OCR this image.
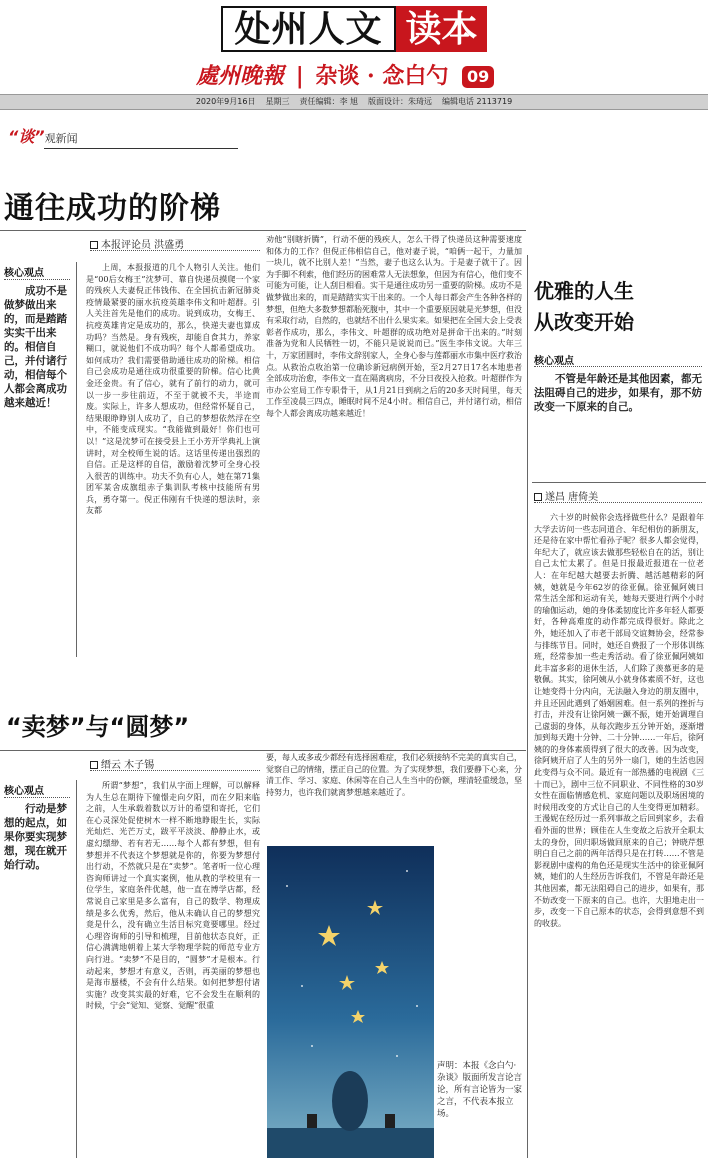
处州人文 读本
處州晚報 | 杂谈 · 念白勺 09
2020年9月16日 星期三 责任编辑：李 旭 版面设计：朱琦远 编辑电话 2113719
“谈”观新闻
通往成功的阶梯
本报评论员 洪盛勇
核心观点
成功不是做梦做出来的，而是踏踏实实干出来的。相信自己，并付诸行动，相信每个人都会离成功越来越近！
上周，本报报道的几个人物引人关注。他们是“00后女梅王”沈梦可、靠自快递员摸爬一个家的残疾人夫妻倪正伟钱伟、在全国抗击新冠肺炎疫情最紧要的丽水抗疫英雄李伟文和叶超群。引人关注首先是他们的成功。说到成功，女梅王、抗疫英雄肯定是成功的，那么，快递夫妻也算成功吗？当然是。身有残疾，却能自食其力，养家糊口，就说他们不成功吗？每个人都希望成功。如何成功？我们需要借助通往成功的阶梯。相信自己会成功是通往成功很重要的阶梯。信心比黄金还金贵。有了信心，就有了前行的动力，就可以一步一步往前迈，不至于就被不夫，半途而废。实际上，许多人想成功，但经常怀疑自己，结果眼睁睁别人成功了，自己的梦想依然浮在空中，不能变成现实。“我能做到最好！你们也可以！”这是沈梦可在接受县上王小芳开学典礼上演讲时，对全校师生说的话。这话里传递出强烈的自信。正是这样的自信，激励着沈梦可全身心投入很苦的训练中。功夫不负有心人，她在第71集团军某舍成旗组赤子集训队考核中技能所有男兵，勇夺第一。倪正伟刚有千快递的想法时，亲友都
劝他“别瞎折腾”，行动不便的残疾人，怎么干得了快递员这种需要速度和体力的工作？但倪正伟相信自己，他对妻子说，“咱俩一起干，力量加一块儿，就不比别人差！”当然，妻子也这么认为。于是妻子就干了。因为手脚不利索，他们经历的困难常人无法想象，但因为有信心，他们变不可能为可能，让人刮目相看。实干是通往成功另一重要的阶梯。成功不是做梦做出来的，而是踏踏实实干出来的。一个人每日都会产生各种各样的梦想，但绝大多数梦想都胎死腹中，其中一个重要原因就是光梦想，但没有采取行动，自然的，也就结不出什么果实来。如果把在全国大会上受表彰者作成功，那么，李伟文、叶超群的成功绝对是拼命干出来的。”时刻准备为党和人民牺牲一切，不能只是说说而已。”医生李伟文说。大年三十，万家团圆时，李伟文辞别家人，全身心参与莲都丽水市集中医疗救治点。从救治点收治第一位确诊新冠病例开始，至2月27日17名本地患者全部成功治愈，李伟文一直在隔离病房，不分日夜投入抢救。叶超群作为市办公室局工作专职骨干，从1月21日到病之后的20多天时间里，每天工作至凌晨三四点，睡眠时间不足4小时。相信自己，并付诸行动，相信每个人都会离成功越来越近！
“卖梦”与“圆梦”
缙云 木子锡
核心观点
行动是梦想的起点，如果你要实现梦想，现在就开始行动。
所谓“梦想”，我们从字面上理解，可以解释为人生总在期待下憧憬走向夕阳，而在夕阳来临之前，人生承载着数以万计的希望和寄托，它们在心灵深处促使树木一样不断地睁眼生长，实际光灿烂、光芒万丈，跋平平淡淡、静静止水，或虚幻缥缈、若有若无……每个人都有梦想，但有梦想并不代表这个梦想就是你的，你要为梦想付出行动，不然就只是在“卖梦”。笔者听一位心理咨询师讲过一个真实案例，他从教的学校里有一位学生，家庭条件优越，他一直在博学店都，经常说自己家里是多么富有，自己的数学、物理成绩是多么优秀，然后，他从未确认自己的梦想究竟是什么，没有确立生活目标究竟要哪里。经过心理咨询师的引导和梳理，目前他状态良好，正信心满满地朝着上某大学物理学院的师范专业方向行进。“卖梦”不是目的，“圆梦”才是根本。行动起来，梦想才有意义，否则，再美丽的梦想也是海市蜃楼，不会有什么结果。如何把梦想付诸实施？改变其实最的好难，它不会发生在顺利的时候，宁会“觉知、觉察、觉醒”很重
要，每人或多或少都经有选择困难症，我们必须接纳不完美的真实自己，觉察自己的情绪，摆正自己的位置。为了实现梦想，我们要静下心来，分清工作、学习、家庭、休闲等在自己人生当中的份额，理清轻重缓急，坚持努力，也许我们就离梦想越来越近了。
声明：本报《念白勺·杂谈》版面所发言论言论，所有言论皆为一家之言，不代表本报立场。
优雅的人生
从改变开始
核心观点
不管是年龄还是其他因素，都无法阻碍自己的进步，如果有，那不妨改变一下原来的自己。
遂昌 唐倚美
六十岁的时候你会选择做些什么？是跟着年大学去访问一些志同道合、年纪相仿的新朋友，还是待在家中帮忙看孙子呢？很多人都会觉得，年纪大了，就应该去做那些轻松自在的活，别让自己太忙太累了。但是日报最近报道在一位老人：在年纪越大越要去折腾、越活越精彩的阿姨，她就是今年62岁的徐亚佩。徐亚佩阿姨日常生活全部和运动有关，她每天要进行两个小时的瑜伽运动，她的身体柔韧度比许多年轻人都要好，各种高难度的动作都完成得很好。除此之外，她还加入了市老干部局交谊舞协会，经常参与排练节目。同时，她还自费报了一个形体训练班，经常参加一些走秀活动。看了徐亚佩阿姨如此丰富多彩的退休生活，人们除了羡慕更多的是敬佩。其实，徐阿姨从小就身体素质不好，这也让她变得十分内向，无法融入身边的朋友圈中，并且还因此遇到了婚姻困难。但一系列的挫折与打击，并没有让徐阿姨一蹶不振，她开始调理自己虚弱的身体，从每次跑步五分钟开始，逐渐增加到每天跑十分钟、二十分钟……一年后，徐阿姨的的身体素质得到了很大的改善。因为改变，徐阿姨开启了人生的另外一扇门，她的生活也因此变得与众不同。最近有一部热播的电视剧《三十而已》，剧中三位不同职业、不同性格的30岁女性在面临情感危机、家庭问题以及职场困境的时候用改变的方式让自己的人生变得更加精彩。王漫妮在经历过一系列事故之后回到家乡，去看看外面的世界；顾佳在人生变故之后放开全职太太的身份，回归职场做回原来的自己；钟晓芹想明白自己之前的两年活得只是在打转……不管是影视剧中虚构的角色还是现实生活中的徐亚佩阿姨，她们的人生经历告诉我们，不管是年龄还是其他因素，都无法阻碍自己的进步，如果有，那不妨改变一下原来的自己。也许，大胆地走出一步，改变一下自己原本的状态，会得到意想不到的收获。
